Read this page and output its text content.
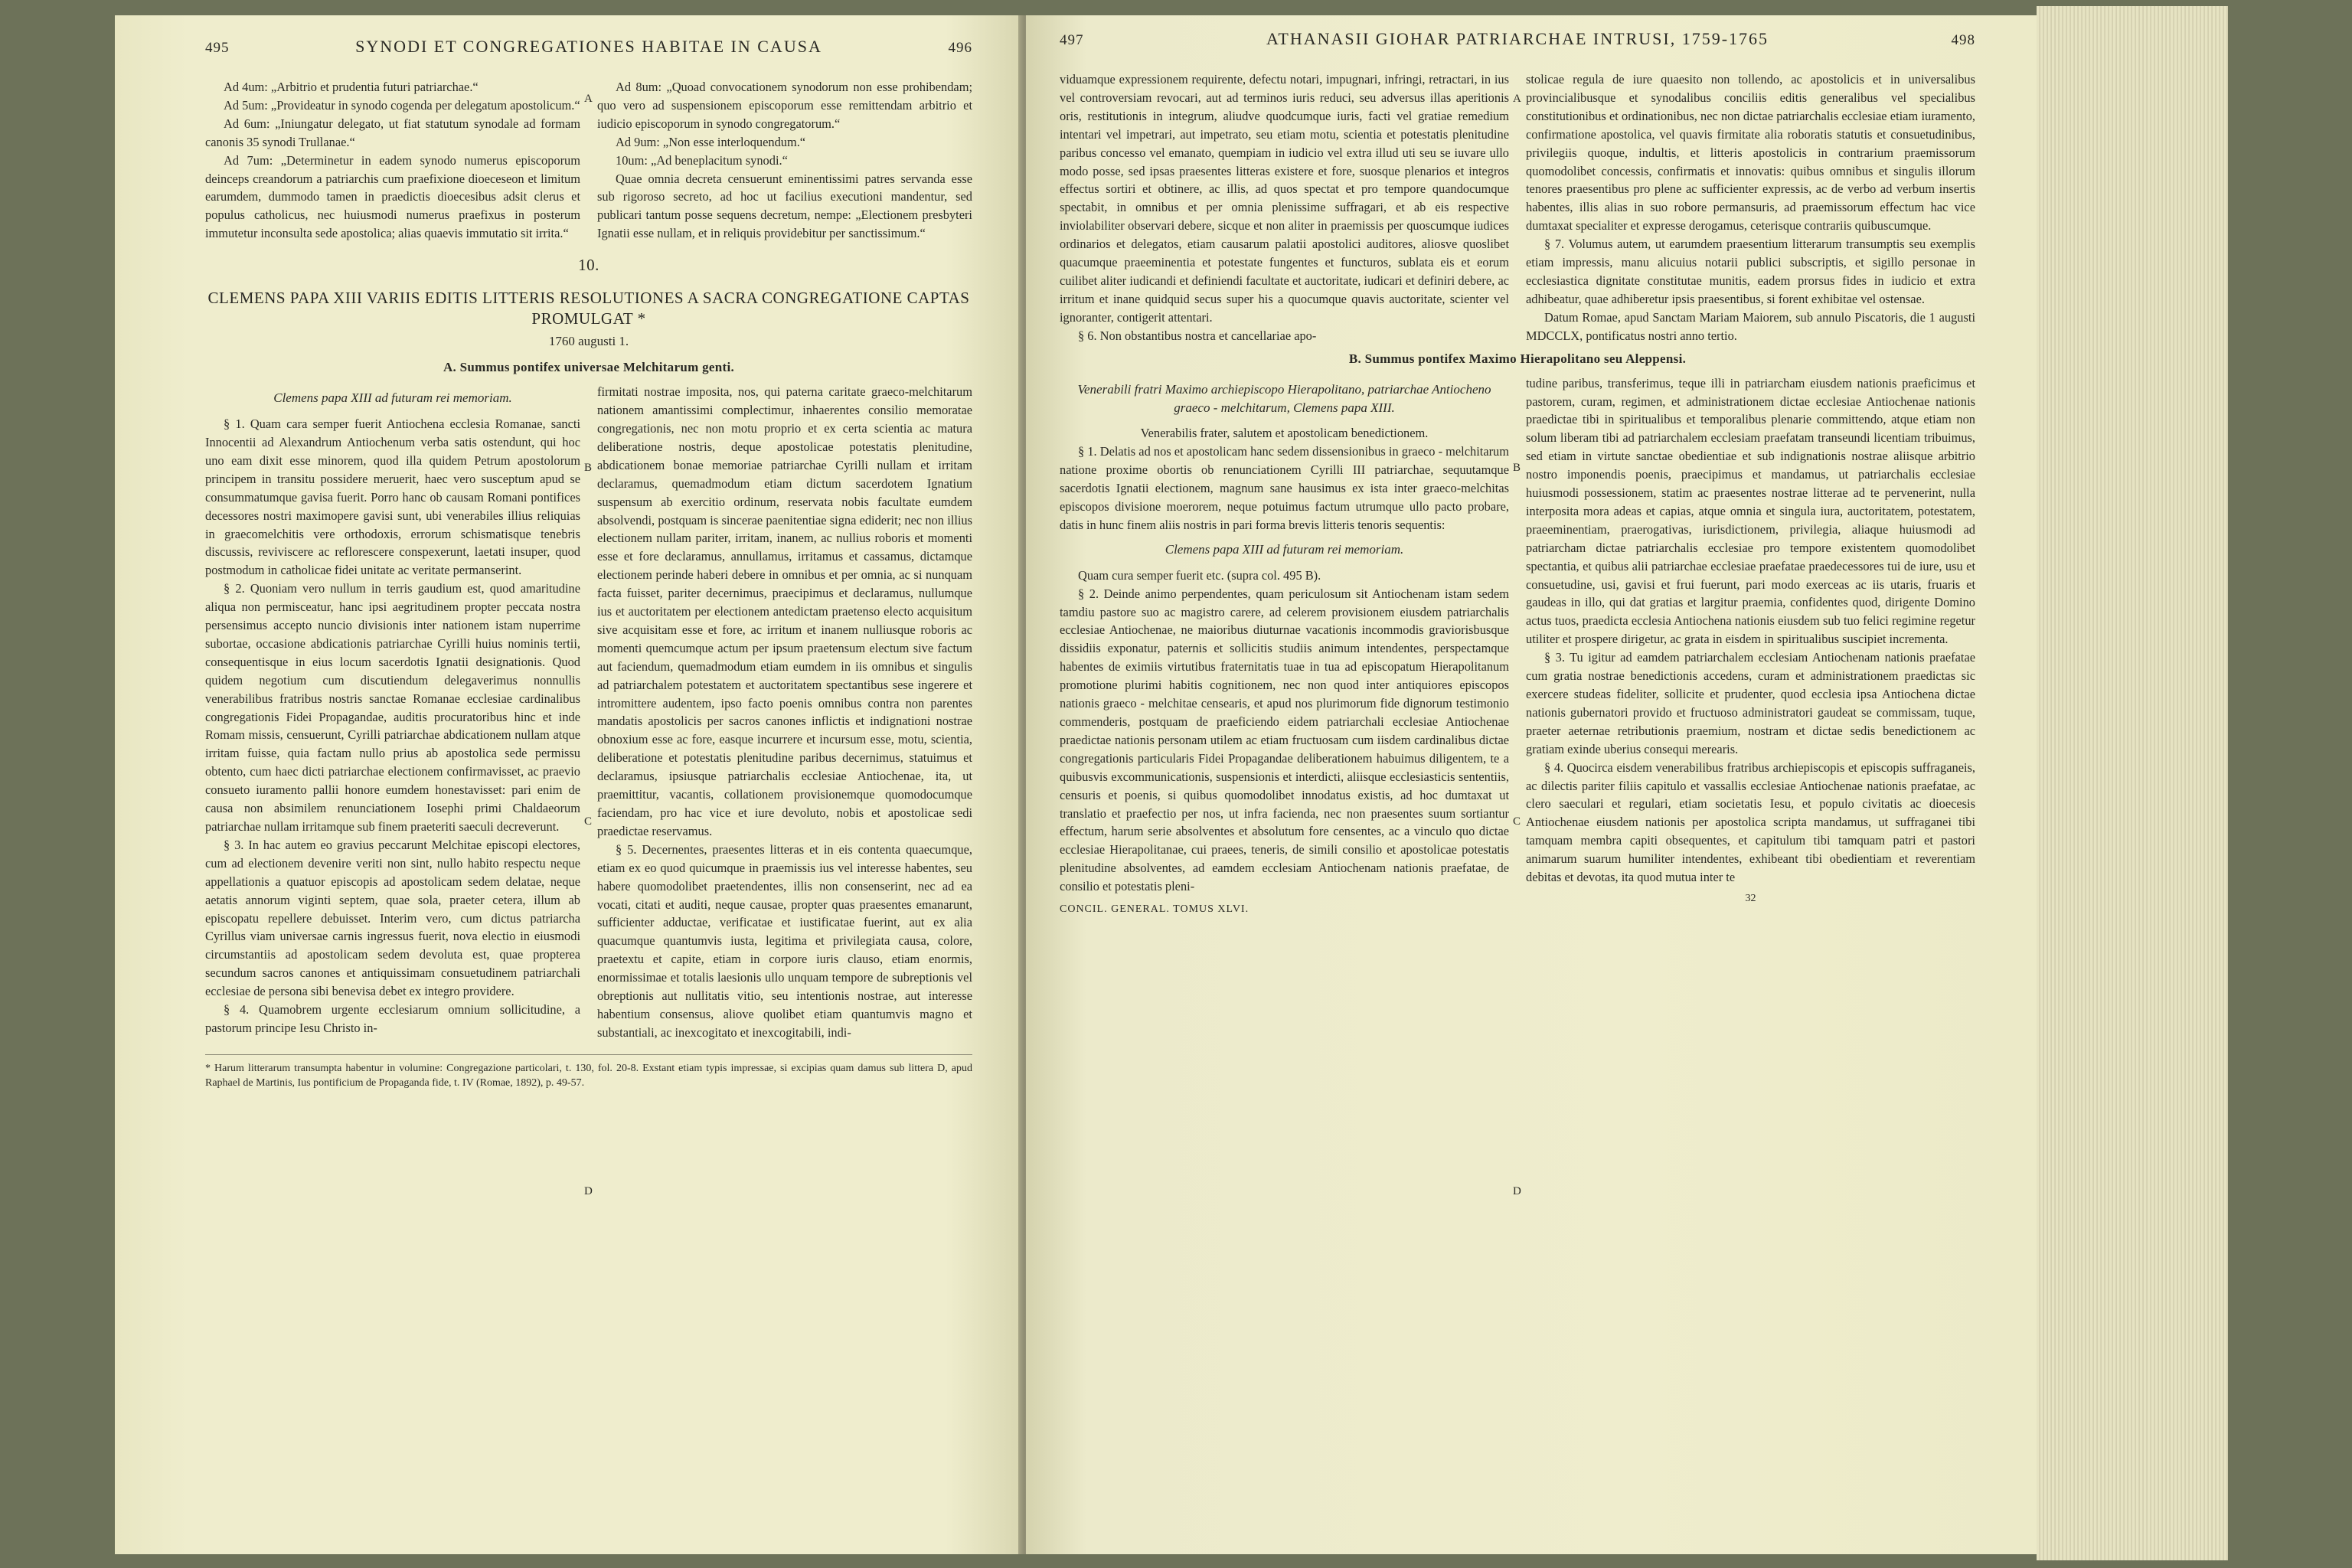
495	SYNODI ET CONGREGATIONES HABITAE IN CAUSA	496

Ad 4um: „Arbitrio et prudentia futuri patriarchae.“

Ad 5um: „Provideatur in synodo cogenda per delegatum apostolicum.“

Ad 6um: „Iniungatur delegato, ut fiat statutum synodale ad formam canonis 35 synodi Trullanae.“

Ad 7um: „Determinetur in eadem synodo numerus episcoporum deinceps creandorum a patriarchis cum praefixione dioeceseon et limitum earumdem, dummodo tamen in praedictis dioecesibus adsit clerus et populus catholicus, nec huiusmodi numerus praefixus in posterum immutetur inconsulta sede apostolica; alias quaevis immutatio sit irrita.“

Ad 8um: „Quoad convocationem synodorum non esse prohibendam; quo vero ad suspensionem episcoporum esse remittendam arbitrio et iudicio episcoporum in synodo congregatorum.“

Ad 9um: „Non esse interloquendum.“

10um: „Ad beneplacitum synodi.“

Quae omnia decreta censuerunt eminentissimi patres servanda esse sub rigoroso secreto, ad hoc ut facilius executioni mandentur, sed publicari tantum posse sequens decretum, nempe: „Electionem presbyteri Ignatii esse nullam, et in reliquis providebitur per sanctissimum.“

10.
CLEMENS PAPA XIII VARIIS EDITIS LITTERIS RESOLUTIONES A SACRA CONGREGATIONE CAPTAS PROMULGAT *
1760 augusti 1.
A. Summus pontifex universae Melchitarum genti.

Clemens papa XIII ad futuram rei memoriam.

§ 1. Quam cara semper fuerit Antiochena ecclesia Romanae, sancti Innocentii ad Alexandrum Antiochenum verba satis ostendunt, qui hoc uno eam dixit esse minorem, quod illa quidem Petrum apostolorum principem in transitu possidere meruerit, haec vero susceptum apud se consummatumque gavisa fuerit. Porro hanc ob causam Romani pontifices decessores nostri maximopere gavisi sunt, ubi venerabiles illius reliquias in graecomelchitis vere orthodoxis, errorum schismatisque tenebris discussis, reviviscere ac reflorescere conspexerunt, laetati insuper, quod postmodum in catholicae fidei unitate ac veritate permanserint.

§ 2. Quoniam vero nullum in terris gaudium est, quod amaritudine aliqua non permisceatur, hanc ipsi aegritudinem propter peccata nostra persensimus accepto nuncio divisionis inter nationem istam nuperrime subortae, occasione abdicationis patriarchae Cyrilli huius nominis tertii, consequentisque in eius locum sacerdotis Ignatii designationis. Quod quidem negotium cum discutiendum delegaverimus nonnullis venerabilibus fratribus nostris sanctae Romanae ecclesiae cardinalibus congregationis Fidei Propagandae, auditis procuratoribus hinc et inde Romam missis, censuerunt, Cyrilli patriarchae abdicationem nullam atque irritam fuisse, quia factam nullo prius ab apostolica sede permissu obtento, cum haec dicti patriarchae electionem confirmavisset, ac praevio consueto iuramento pallii honore eumdem honestavisset: pari enim de causa non absimilem renunciationem Iosephi primi Chaldaeorum patriarchae nullam irritamque sub finem praeteriti saeculi decreverunt.

§ 3. In hac autem eo gravius peccarunt Melchitae episcopi electores, cum ad electionem devenire veriti non sint, nullo habito respectu neque appellationis a quatuor episcopis ad apostolicam sedem delatae, neque aetatis annorum viginti septem, quae sola, praeter cetera, illum ab episcopatu repellere debuisset. Interim vero, cum dictus patriarcha Cyrillus viam universae carnis ingressus fuerit, nova electio in eiusmodi circumstantiis ad apostolicam sedem devoluta est, quae propterea secundum sacros canones et antiquissimam consuetudinem patriarchali ecclesiae de persona sibi benevisa debet ex integro providere.

§ 4. Quamobrem urgente ecclesiarum omnium sollicitudine, a pastorum principe Iesu Christo in-

firmitati nostrae imposita, nos, qui paterna caritate graeco-melchitarum nationem amantissimi complectimur, inhaerentes consilio memoratae congregationis, nec non motu proprio et ex certa scientia ac matura deliberatione nostris, deque apostolicae potestatis plenitudine, abdicationem bonae memoriae patriarchae Cyrilli nullam et irritam declaramus, quemadmodum etiam dictum sacerdotem Ignatium suspensum ab exercitio ordinum, reservata nobis facultate eumdem absolvendi, postquam is sincerae paenitentiae signa ediderit; nec non illius electionem nullam pariter, irritam, inanem, ac nullius roboris et momenti esse et fore declaramus, annullamus, irritamus et cassamus, dictamque electionem perinde haberi debere in omnibus et per omnia, ac si nunquam facta fuisset, pariter decernimus, praecipimus et declaramus, nullumque ius et auctoritatem per electionem antedictam praetenso electo acquisitum sive acquisitam esse et fore, ac irritum et inanem nulliusque roboris ac momenti quemcumque actum per ipsum praetensum electum sive factum aut faciendum, quemadmodum etiam eumdem in iis omnibus et singulis ad patriarchalem potestatem et auctoritatem spectantibus sese ingerere et intromittere audentem, ipso facto poenis omnibus contra non parentes mandatis apostolicis per sacros canones inflictis et indignationi nostrae obnoxium esse ac fore, easque incurrere et incursum esse, motu, scientia, deliberatione et potestatis plenitudine paribus decernimus, statuimus et declaramus, ipsiusque patriarchalis ecclesiae Antiochenae, ita, ut praemittitur, vacantis, collationem provisionemque quomodocumque faciendam, pro hac vice et iure devoluto, nobis et apostolicae sedi praedictae reservamus.

§ 5. Decernentes, praesentes litteras et in eis contenta quaecumque, etiam ex eo quod quicumque in praemissis ius vel interesse habentes, seu habere quomodolibet praetendentes, illis non consenserint, nec ad ea vocati, citati et auditi, neque causae, propter quas praesentes emanarunt, sufficienter adductae, verificatae et iustificatae fuerint, aut ex alia quacumque quantumvis iusta, legitima et privilegiata causa, colore, praetextu et capite, etiam in corpore iuris clauso, etiam enormis, enormissimae et totalis laesionis ullo unquam tempore de subreptionis vel obreptionis aut nullitatis vitio, seu intentionis nostrae, aut interesse habentium consensus, aliove quolibet etiam quantumvis magno et substantiali, ac inexcogitato et inexcogitabili, indi-

* Harum litterarum transumpta habentur in volumine: Congregazione particolari, t. 130, fol. 20-8. Exstant etiam typis impressae, si excipias quam damus sub littera D, apud Raphael de Martinis, Ius pontificium de Propaganda fide, t. IV (Romae, 1892), p. 49-57.
A
B
C
D
497	ATHANASII GIOHAR PATRIARCHAE INTRUSI, 1759-1765	498

viduamque expressionem requirente, defectu notari, impugnari, infringi, retractari, in ius vel controversiam revocari, aut ad terminos iuris reduci, seu adversus illas aperitionis oris, restitutionis in integrum, aliudve quodcumque iuris, facti vel gratiae remedium intentari vel impetrari, aut impetrato, seu etiam motu, scientia et potestatis plenitudine paribus concesso vel emanato, quempiam in iudicio vel extra illud uti seu se iuvare ullo modo posse, sed ipsas praesentes litteras existere et fore, suosque plenarios et integros effectus sortiri et obtinere, ac illis, ad quos spectat et pro tempore quandocumque spectabit, in omnibus et per omnia plenissime suffragari, et ab eis respective inviolabiliter observari debere, sicque et non aliter in praemissis per quoscumque iudices ordinarios et delegatos, etiam causarum palatii apostolici auditores, aliosve quoslibet quacumque praeeminentia et potestate fungentes et functuros, sublata eis et eorum cuilibet aliter iudicandi et definiendi facultate et auctoritate, iudicari et definiri debere, ac irritum et inane quidquid secus super his a quocumque quavis auctoritate, scienter vel ignoranter, contigerit attentari.

§ 6. Non obstantibus nostra et cancellariae apo-

stolicae regula de iure quaesito non tollendo, ac apostolicis et in universalibus provincialibusque et synodalibus conciliis editis generalibus vel specialibus constitutionibus et ordinationibus, nec non dictae patriarchalis ecclesiae etiam iuramento, confirmatione apostolica, vel quavis firmitate alia roboratis statutis et consuetudinibus, privilegiis quoque, indultis, et litteris apostolicis in contrarium praemissorum quomodolibet concessis, confirmatis et innovatis: quibus omnibus et singulis illorum tenores praesentibus pro plene ac sufficienter expressis, ac de verbo ad verbum insertis habentes, illis alias in suo robore permansuris, ad praemissorum effectum hac vice dumtaxat specialiter et expresse derogamus, ceterisque contrariis quibuscumque.

§ 7. Volumus autem, ut earumdem praesentium litterarum transumptis seu exemplis etiam impressis, manu alicuius notarii publici subscriptis, et sigillo personae in ecclesiastica dignitate constitutae munitis, eadem prorsus fides in iudicio et extra adhibeatur, quae adhiberetur ipsis praesentibus, si forent exhibitae vel ostensae.

Datum Romae, apud Sanctam Mariam Maiorem, sub annulo Piscatoris, die 1 augusti MDCCLX, pontificatus nostri anno tertio.

B. Summus pontifex Maximo Hierapolitano seu Aleppensi.

Venerabili fratri Maximo archiepiscopo Hierapolitano, patriarchae Antiocheno graeco - melchitarum, Clemens papa XIII.

Venerabilis frater, salutem et apostolicam benedictionem.

§ 1. Delatis ad nos et apostolicam hanc sedem dissensionibus in graeco - melchitarum natione proxime obortis ob renunciationem Cyrilli III patriarchae, sequutamque sacerdotis Ignatii electionem, magnum sane hausimus ex ista inter graeco-melchitas episcopos divisione moerorem, neque potuimus factum utrumque ullo pacto probare, datis in hunc finem aliis nostris in pari forma brevis litteris tenoris sequentis:

Clemens papa XIII ad futuram rei memoriam.

Quam cura semper fuerit etc. (supra col. 495 B).

§ 2. Deinde animo perpendentes, quam periculosum sit Antiochenam istam sedem tamdiu pastore suo ac magistro carere, ad celerem provisionem eiusdem patriarchalis ecclesiae Antiochenae, ne maioribus diuturnae vacationis incommodis graviorisbusque dissidiis exponatur, paternis et sollicitis studiis animum intendentes, perspectamque habentes de eximiis virtutibus fraternitatis tuae in tua ad episcopatum Hierapolitanum promotione plurimi habitis cognitionem, nec non quod inter antiquiores episcopos nationis graeco - melchitae censearis, et apud nos plurimorum fide dignorum testimonio commenderis, postquam de praeficiendo eidem patriarchali ecclesiae Antiochenae praedictae nationis personam utilem ac etiam fructuosam cum iisdem cardinalibus dictae congregationis particularis Fidei Propagandae deliberationem habuimus diligentem, te a quibusvis excommunicationis, suspensionis et interdicti, aliisque ecclesiasticis sententiis, censuris et poenis, si quibus quomodolibet innodatus existis, ad hoc dumtaxat ut translatio et praefectio per nos, ut infra facienda, nec non praesentes suum sortiantur effectum, harum serie absolventes et absolutum fore censentes, ac a vinculo quo dictae ecclesiae Hierapolitanae, cui praees, teneris, de simili consilio et apostolicae potestatis plenitudine absolventes, ad eamdem ecclesiam Antiochenam nationis praefatae, de consilio et potestatis pleni-

CONCIL. GENERAL. TOMUS XLVI.

tudine paribus, transferimus, teque illi in patriarcham eiusdem nationis praeficimus et pastorem, curam, regimen, et administrationem dictae ecclesiae Antiochenae nationis praedictae tibi in spiritualibus et temporalibus plenarie committendo, atque etiam non solum liberam tibi ad patriarchalem ecclesiam praefatam transeundi licentiam tribuimus, sed etiam in virtute sanctae obedientiae et sub indignationis nostrae aliisque arbitrio nostro imponendis poenis, praecipimus et mandamus, ut patriarchalis ecclesiae huiusmodi possessionem, statim ac praesentes nostrae litterae ad te pervenerint, nulla interposita mora adeas et capias, atque omnia et singula iura, auctoritatem, potestatem, praeeminentiam, praerogativas, iurisdictionem, privilegia, aliaque huiusmodi ad patriarcham dictae patriarchalis ecclesiae pro tempore existentem quomodolibet spectantia, et quibus alii patriarchae ecclesiae praefatae praedecessores tui de iure, usu et consuetudine, usi, gavisi et frui fuerunt, pari modo exerceas ac iis utaris, fruaris et gaudeas in illo, qui dat gratias et largitur praemia, confidentes quod, dirigente Domino actus tuos, praedicta ecclesia Antiochena nationis eiusdem sub tuo felici regimine regetur utiliter et prospere dirigetur, ac grata in eisdem in spiritualibus suscipiet incrementa.

§ 3. Tu igitur ad eamdem patriarchalem ecclesiam Antiochenam nationis praefatae cum gratia nostrae benedictionis accedens, curam et administrationem praedictas sic exercere studeas fideliter, sollicite et prudenter, quod ecclesia ipsa Antiochena dictae nationis gubernatori provido et fructuoso administratori gaudeat se commissam, tuque, praeter aeternae retributionis praemium, nostram et dictae sedis benedictionem ac gratiam exinde uberius consequi merearis.

§ 4. Quocirca eisdem venerabilibus fratribus archiepiscopis et episcopis suffraganeis, ac dilectis pariter filiis capitulo et vassallis ecclesiae Antiochenae nationis praefatae, ac clero saeculari et regulari, etiam societatis Iesu, et populo civitatis ac dioecesis Antiochenae eiusdem nationis per apostolica scripta mandamus, ut suffraganei tibi tamquam membra capiti obsequentes, et capitulum tibi tamquam patri et pastori animarum suarum humiliter intendentes, exhibeant tibi obedientiam et reverentiam debitas et devotas, ita quod mutua inter te

32
A
B
C
D
